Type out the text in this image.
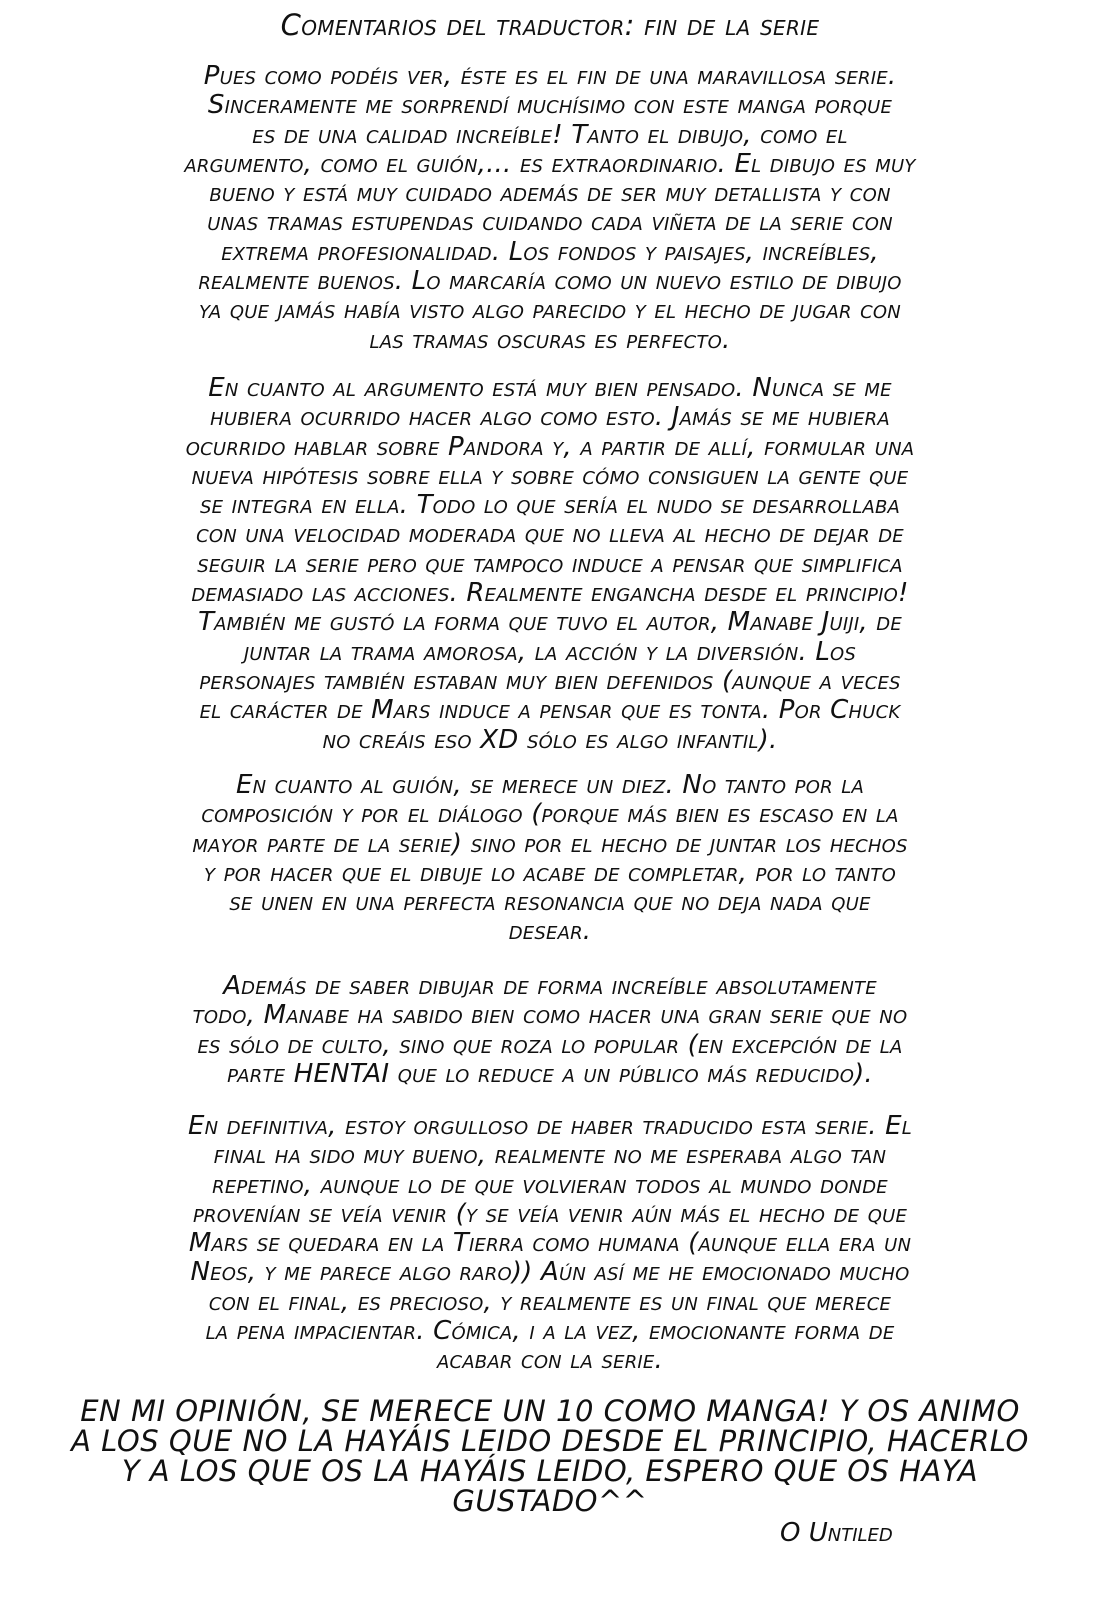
Comentarios del traductor: fin de la serie
Pues como podéis ver, éste es el fin de una maravillosa serie.
Sinceramente me sorprendí muchísimo con este manga porque
es de una calidad increíble! Tanto el dibujo, como el
argumento, como el guión,... es extraordinario. El dibujo es muy
bueno y está muy cuidado además de ser muy detallista y con
unas tramas estupendas cuidando cada viñeta de la serie con
extrema profesionalidad. Los fondos y paisajes, increíbles,
realmente buenos. Lo marcaría como un nuevo estilo de dibujo
ya que jamás había visto algo parecido y el hecho de jugar con
las tramas oscuras es perfecto.
En cuanto al argumento está muy bien pensado. Nunca se me
hubiera ocurrido hacer algo como esto. Jamás se me hubiera
ocurrido hablar sobre Pandora y, a partir de allí, formular una
nueva hipótesis sobre ella y sobre cómo consiguen la gente que
se integra en ella. Todo lo que sería el nudo se desarrollaba
con una velocidad moderada que no lleva al hecho de dejar de
seguir la serie pero que tampoco induce a pensar que simplifica
demasiado las acciones. Realmente engancha desde el principio!
También me gustó la forma que tuvo el autor, Manabe Juiji, de
juntar la trama amorosa, la acción y la diversión. Los
personajes también estaban muy bien defenidos (aunque a veces
el carácter de Mars induce a pensar que es tonta. Por Chuck
no creáis eso XD sólo es algo infantil).
En cuanto al guión, se merece un diez. No tanto por la
composición y por el diálogo (porque más bien es escaso en la
mayor parte de la serie) sino por el hecho de juntar los hechos
y por hacer que el dibuje lo acabe de completar, por lo tanto
se unen en una perfecta resonancia que no deja nada que
desear.
Además de saber dibujar de forma increíble absolutamente
todo, Manabe ha sabido bien como hacer una gran serie que no
es sólo de culto, sino que roza lo popular (en excepción de la
parte HENTAI que lo reduce a un público más reducido).
En definitiva, estoy orgulloso de haber traducido esta serie. El
final ha sido muy bueno, realmente no me esperaba algo tan
repetino, aunque lo de que volvieran todos al mundo donde
provenían se veía venir (y se veía venir aún más el hecho de que
Mars se quedara en la Tierra como humana (aunque ella era un
Neos, y me parece algo raro)) Aún así me he emocionado mucho
con el final, es precioso, y realmente es un final que merece
la pena impacientar. Cómica, i a la vez, emocionante forma de
acabar con la serie.
EN MI OPINIÓN, SE MERECE UN 10 COMO MANGA! Y OS ANIMO
A LOS QUE NO LA HAYÁIS LEIDO DESDE EL PRINCIPIO, HACERLO
Y A LOS QUE OS LA HAYÁIS LEIDO, ESPERO QUE OS HAYA
GUSTADO^^
O Untiled
